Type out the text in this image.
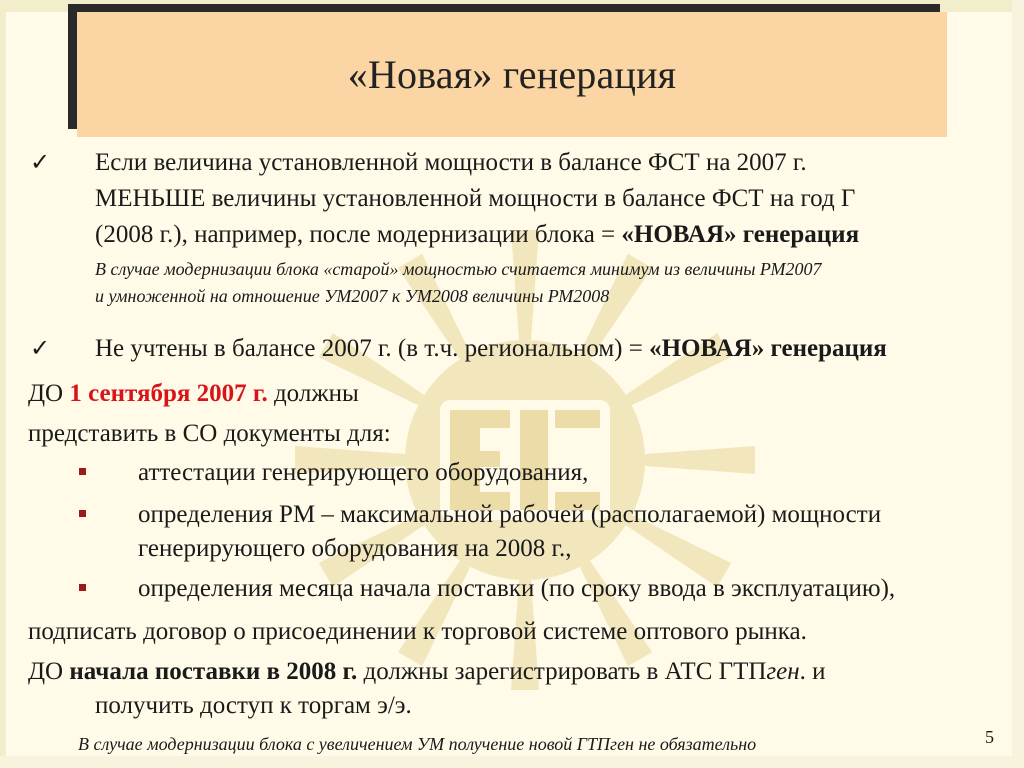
«Новая» генерация
✓ Если величина установленной мощности в балансе ФСТ на 2007 г.
МЕНЬШЕ величины установленной мощности в балансе ФСТ на год Г
(2008 г.), например, после модернизации блока = «НОВАЯ» генерация
В случае модернизации блока «старой» мощностью считается минимум из величины РМ2007
и умноженной на отношение УМ2007 к УМ2008 величины РМ2008
✓ Не учтены в балансе 2007 г. (в т.ч. региональном) = «НОВАЯ» генерация
ДО 1 сентября 2007 г. должны
представить в СО документы для:
аттестации генерирующего оборудования,
определения РМ – максимальной рабочей (располагаемой) мощности
генерирующего оборудования на 2008 г.,
определения месяца начала поставки (по сроку ввода в эксплуатацию),
подписать договор о присоединении к торговой системе оптового рынка.
ДО начала поставки в 2008 г. должны зарегистрировать в АТС ГТПген. и
получить доступ к торгам э/э.
В случае модернизации блока с увеличением УМ получение новой ГТПген не обязательно	5
